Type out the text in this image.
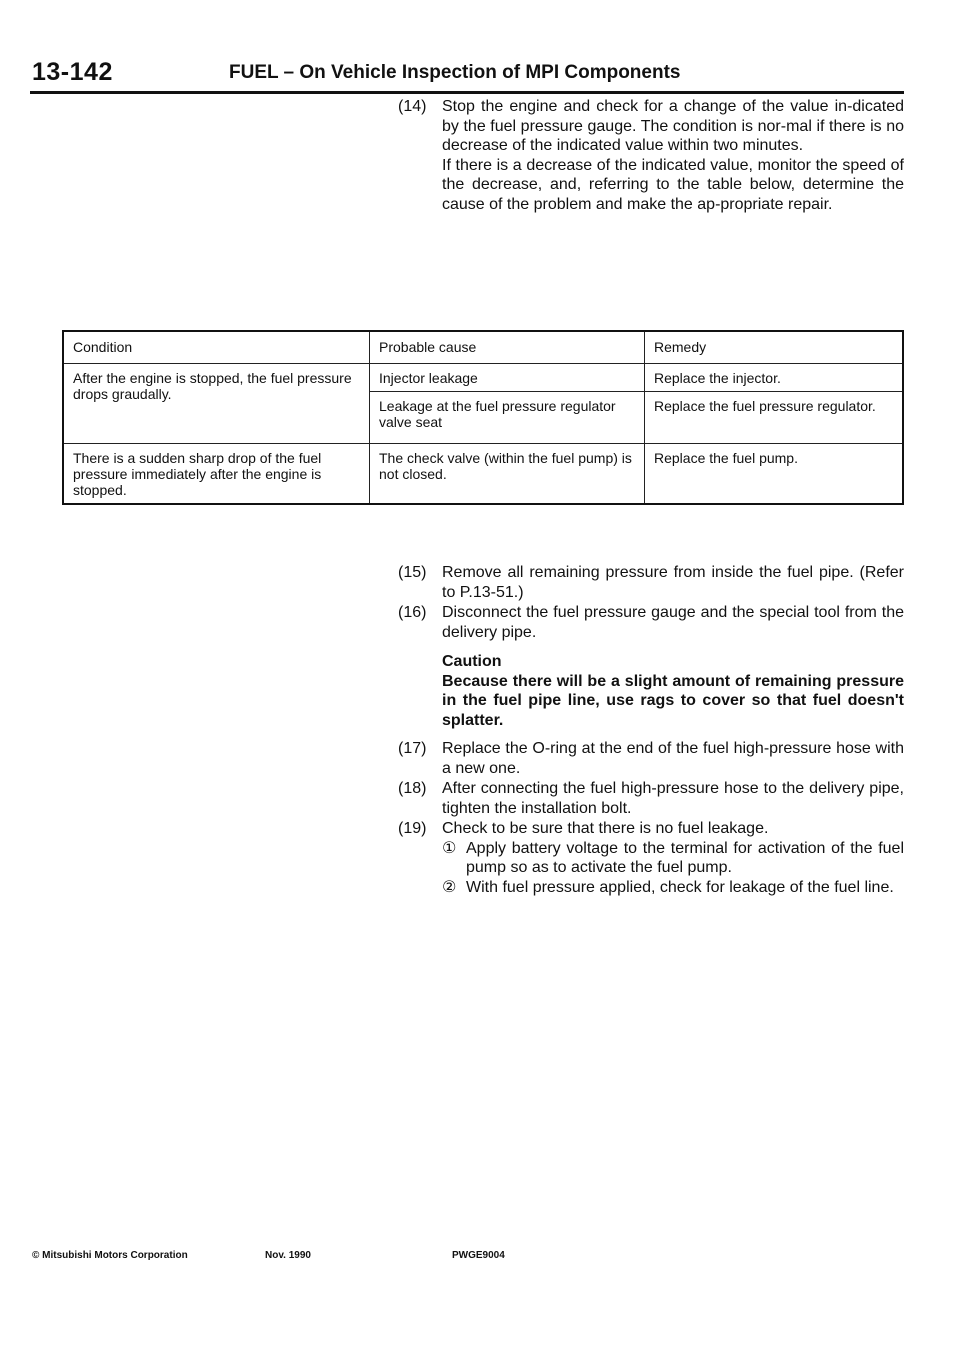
13-142	FUEL – On Vehicle Inspection of MPI Components
(14) Stop the engine and check for a change of the value in-dicated by the fuel pressure gauge. The condition is nor-mal if there is no decrease of the indicated value within two minutes.

If there is a decrease of the indicated value, monitor the speed of the decrease, and, referring to the table below, determine the cause of the problem and make the ap-propriate repair.

Condition	Probable cause	Remedy
After the engine is stopped, the fuel pressure drops graudally.	Injector leakage	Replace the injector.
	Leakage at the fuel pressure regulator valve seat	Replace the fuel pressure regulator.
There is a sudden sharp drop of the fuel pressure immediately after the engine is stopped.	The check valve (within the fuel pump) is not closed.	Replace the fuel pump.
(15) Remove all remaining pressure from inside the fuel pipe. (Refer to P.13-51.)

(16) Disconnect the fuel pressure gauge and the special tool from the delivery pipe.

Caution
Because there will be a slight amount of remaining pressure in the fuel pipe line, use rags to cover so that fuel doesn't splatter.
(17) Replace the O-ring at the end of the fuel high-pressure hose with a new one.

(18) After connecting the fuel high-pressure hose to the delivery pipe, tighten the installation bolt.

(19) Check to be sure that there is no fuel leakage.

① Apply battery voltage to the terminal for activation of the fuel pump so as to activate the fuel pump.
② With fuel pressure applied, check for leakage of the fuel line.
© Mitsubishi Motors Corporation	Nov. 1990	PWGE9004
